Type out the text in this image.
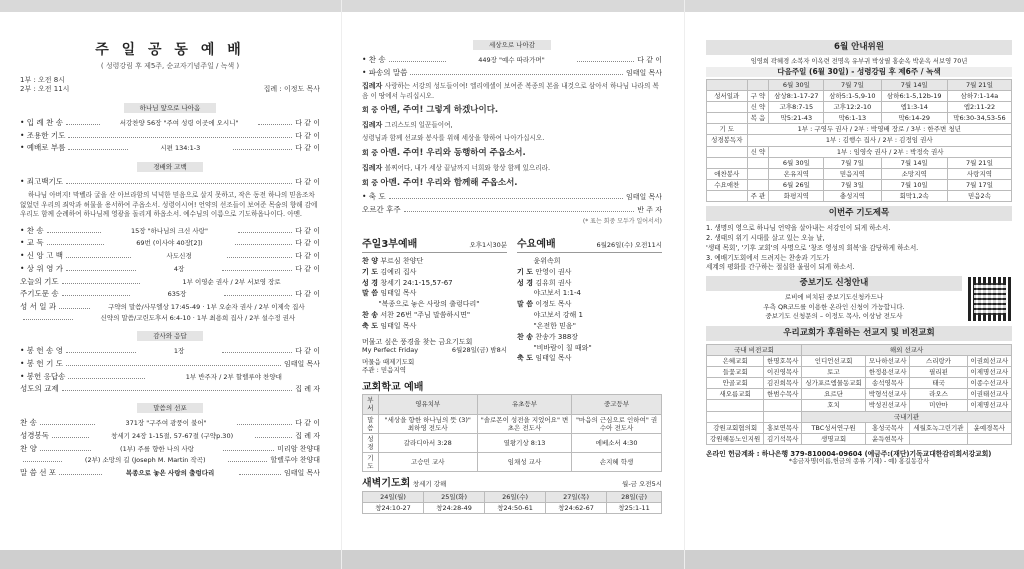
주 일 공 동 예 배
( 성령강림 후 제5주, 순교자기념주일 / 녹색 )
1부 : 오전 8시
2부 : 오전 11시	집례 : 이정도 목사
하나님 앞으로 나아옴
• 입 례 찬 송	서강찬양 56장 "주여 성령 이곳에 오시니"	다 같 이
• 조용한 기도	다 같 이
• 예배로 부름	시편 134:1-3	다 같 이
경배와 고백
• 죄고백기도	다 같 이
하나님 아버지! 막벨라 굴을 산 아브라함의 넉넉한 믿음으로 살지 못하고, 작은 동전 하나의 믿음조차 없었던 우리의 죄악과 허물을 용서하여 주옵소서. 성령이시여! 언약의 선조들이 보여준 목숨의 향해 감에 우리도 함께 순례하여 하나님께 영광을 돌리게 하옵소서. 예수님의 이름으로 기도하옵나이다. 아멘.
• 찬 송	15장 "하나님의 크신 사랑"	다 같 이
• 교 독	69번 (이사야 40장[2])	다 같 이
• 신 앙 고 백	사도신경	다 같 이
• 상 위 영 가	4장	다 같 이
오늘의 기도	1부 이영순 권사 / 2부 서보영 장로
주기도문 송	635장	다 같 이
성 서 일 과	구약의 말씀/사무엘상 17:45-49 · 1부 오순자 권사 / 2부 이제숙 집사
신약의 말씀/고린도후서 6:4-10 · 1부 최용희 집사 / 2부 설수정 권사
감사와 응답
• 봉 헌 송 영	1장	다 같 이
• 봉 헌 기 도	임태일 목사
• 봉헌 응답송	1부 반주자 / 2부 할렐루야 찬양대
성도의 교제	집 례 자
말씀의 선포
찬 송	371장 "구주여 광풍이 불어"	다 같 이
성경봉독	창세기 24장 1-15절, 57-67절 (구약p.30)	집 례 자
찬 양	(1부) 주를 향한 나의 사랑	미리암 찬양대
(2부) 소망의 길 (Joseph M. Martin 작곡)	할렐루야 찬양대
말 씀 선 포	복종으로 놓은 사랑의 출렁다리	임태일 목사
세상으로 나아감
• 찬 송	449장 "예수 따라가며"	다 같 이
• 파송의 말씀	임태일 목사
집례자 사랑하는 서강의 성도들이여! 엘리에셀이 보여준 복종의 본을 내것으로 삼아서 하나님 나라의 복음 이 땅에서 누리십시오.
회 중 아멘, 주여! 그렇게 하겠나이다.
집례자 그리스도의 일꾼들이여,
성령님과 함께 선교와 봉사를 위해 세상을 향하여 나아가십시오.
회 중 아멘. 주여! 우리와 동행하여 주옵소서.
집례자 볼찌어다, 내가 세상 끝날까지 너희와 항상 함께 있으리라.
회 중 아멘. 주여! 우리와 함께해 주옵소서.
• 축 도	임태일 목사
오르간 후주	반 주 자
(* 표는 회중 모두가 일어서서)
주일3부예배	오후1시30분
찬 양 부르심 찬양단
기 도 김예리 집사
성 경 창세기 24:1-15,57-67
말 씀 임태일 목사
　　 "복종으로 놓은 사랑의 출렁다리"
찬 송 서찬 26번 "주님 말씀하시면"
축 도 임태일 목사
머물고 싶은 풍경을 찾는 금요기도회
My Perfect Friday	6월28일(금) 밤8시
머물음 때제기도회
주관 : 믿음지역
수요예배	6월26일(수) 오전11시
　　 윤위속희
기 도 안영이 권사
성 경 김유희 권사
　　 야고보서 1:1-4
말 씀 이정도 목사
　　 야고보서 강해 1
　　 "온전한 믿음"
찬 송 찬송가 388장
　　 "비바람이 칠 때와"
축 도 임태일 목사
교회학교 예배
부서	영유치부	유초등부	중고등부
말씀	"세상을 향한 하나님의 뜻 (3)" 최하영 전도사	"솔로몬이 성전을 지었어요" 변초은 전도사	"마음의 근심으로 인하여" 권수아 전도사
성경	갈라디아서 3:28	열왕기상 8:13	에베소서 4:30
기도	고승민 교사	임채성 교사	손지혜 학생
새벽기도회 창세기 강해	월-금 오전5시
24일(월)	25일(화)	26일(수)	27일(목)	28일(금)
창24:10-27	창24:28-49	창24:50-61	창24:62-67	창25:1-11
6월 안내위원
임영희 곽혜경 소복자 이옥련 전명옥 유부귀 박상필 홍순옥 박운옥 서보영 70년
다음주일 (6월 30일) - 성령강림 후 제6주 / 녹색
		6월 30일	7월 7일	7월 14일	7월 21일
성서일과	구 약	삼상8:1-17-27	삼하5:1-5,9-10	삼하6:1-5,12b-19	삼하7:1-14a
	신 약	고후8:7-15	고후12:2-10	엡1:3-14	엡2:11-22
	복 음	막5:21-43	막6:1-13	막6:14-29	막6:30-34,53-56
기 도	1부 : 구영두 권사 / 2부 : 박영배 장로 / 3부 : 한주변 청년				
성경봉독자	1부 : 김행수 집사 / 2부 : 김정임 권사				
	신 약	1부 : 임영숙 권사 / 2부 : 박정숙 권사			
		6월 30일	7월 7일	7월 14일	7월 21일
애찬봉사		온유지역	믿음지역	소망지역	사랑지역
수요애찬		6월 26일	7월 3일	7월 10일	7월 17일
	주 관	화평지역	충성지역	회막1,2속	믿음2속
이번주 기도제목
1. 생명의 영으로 하나님 언약을 살아내는 서강인이 되게 하소서.
2. 생태의 위기 시대를 살고 있는 오늘 날,
'생태 목회', '기후 교회'의 사명으로 '창조 영성의 회복'을 감당하게 하소서.
3. 예배기도회에서 드려지는 찬송과 기도가
세계의 평화를 간구하는 절실한 울림이 되게 하소서.
중보기도 신청안내
로비에 비치된 중보기도신청카드나
우측 QR코드를 이용한 온라인 신청이 가능합니다.
중보기도 신청문의 – 이정도 목사, 이상남 전도사
우리교회가 후원하는 선교지 및 비전교회
국내 비전교회		해외 선교사			
은혜교회	한명호목사	인디언선교회	모나하선교사	스리랑카	이권희선교사
들꽃교회	이진영목사	토고	한정용선교사	필리핀	이제명선교사
안골교회	김진희목사	싱가포르엠물동교회	송석영목사	태국	이종수선교사
새오름교회	한범수목사	요르단	박형석선교사	라오스	이권태선교사
		호치	박성진선교사	미얀마	이제명선교사
		국내기관			
강원교회협의회	홍보연목사	TBC성서연구원	홍성국목사	세월호녹그린기관	윤예경목사
강원해동노인지원	김기석목사	생명교회	윤득현목사		
온라인 헌금계좌 : 하나은행 379-810004-09604 (예금주:(재단)기독교대한감리회서강교회)
*송금자명(이름,헌금의 종류 기재) - 예) 홍길동감사
